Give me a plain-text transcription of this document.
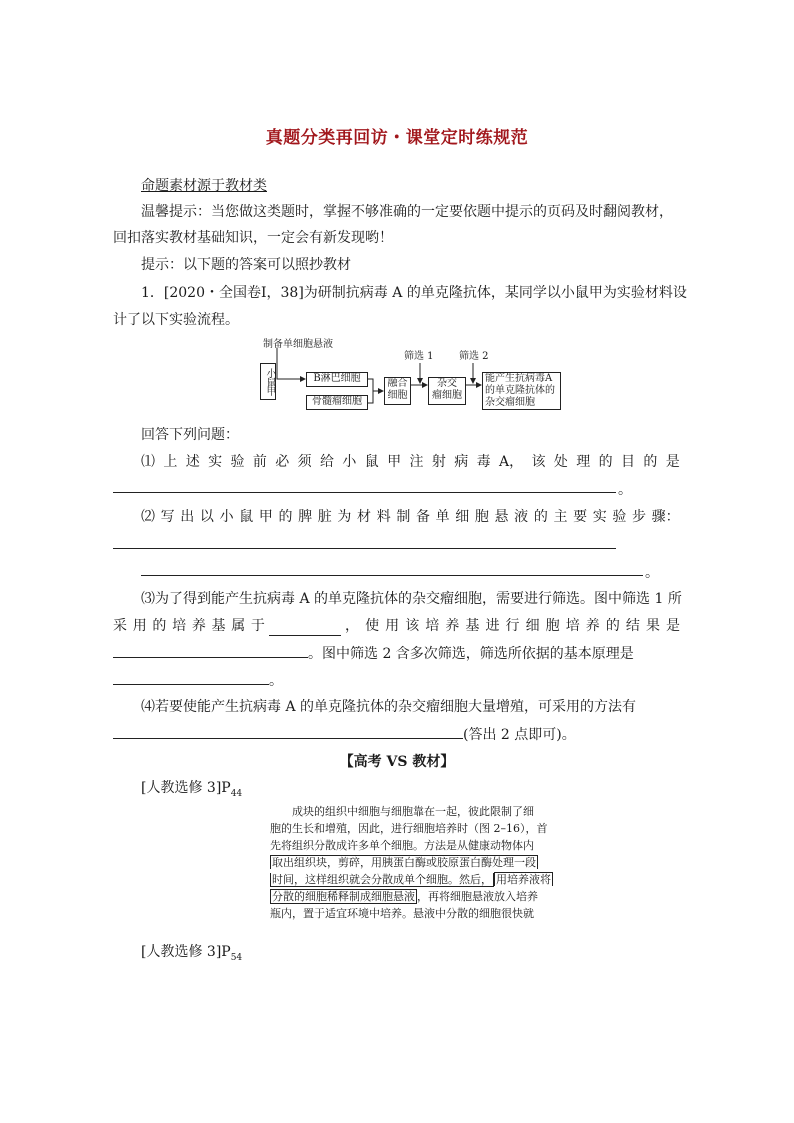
真题分类再回访・课堂定时练规范
命题素材源于教材类
温馨提示：当您做这类题时，掌握不够准确的一定要依题中提示的页码及时翻阅教材，
回扣落实教材基础知识，一定会有新发现哟！
提示：以下题的答案可以照抄教材
1．[2020・全国卷Ⅰ，38]为研制抗病毒 A 的单克隆抗体，某同学以小鼠甲为实验材料设
计了以下实验流程。
制备单细胞悬液
小鼠甲	B淋巴细胞
骨髓瘤细胞
融合
细胞
筛选 1
杂交
瘤细胞
筛选 2
能产生抗病毒A
的单克隆抗体的
杂交瘤细胞
回答下列问题：
⑴ 上 述 实 验 前 必 须 给 小 鼠 甲 注 射 病 毒 A， 该 处 理 的 目 的 是
。
⑵ 写 出 以 小 鼠 甲 的 脾 脏 为 材 料 制 备 单 细 胞 悬 液 的 主 要 实 验 步 骤：
。
⑶为了得到能产生抗病毒 A 的单克隆抗体的杂交瘤细胞，需要进行筛选。图中筛选 1 所
采 用 的 培 养 基 属 于	， 使 用 该 培 养 基 进 行 细 胞 培 养 的 结 果 是
。图中筛选 2 含多次筛选，筛选所依据的基本原理是
。
⑷若要使能产生抗病毒 A 的单克隆抗体的杂交瘤细胞大量增殖，可采用的方法有
(答出 2 点即可)。
【高考 VS 教材】
[人教选修 $3]P_{44}$
成块的组织中细胞与细胞靠在一起，彼此限制了细
胞的生长和增殖，因此，进行细胞培养时（图 2–16），首
先将组织分散成许多单个细胞。方法是从健康动物体内
取出组织块，剪碎，用胰蛋白酶或胶原蛋白酶处理一段
时间，这样组织就会分散成单个细胞。然后， 用培养液将
分散的细胞稀释制成细胞悬液 ，再将细胞悬液放入培养
瓶内，置于适宜环境中培养。悬液中分散的细胞很快就
[人教选修 $3]P_{54}$
